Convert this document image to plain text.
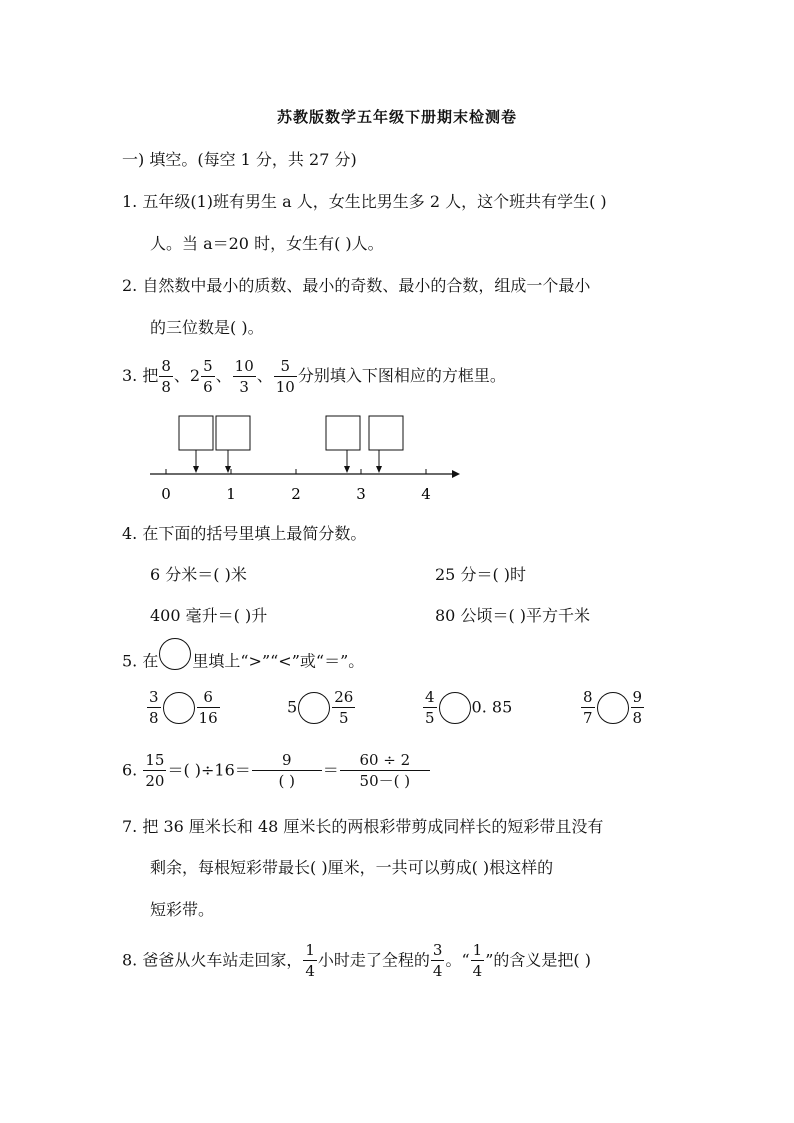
苏教版数学五年级下册期末检测卷
一) 填空。(每空 1 分，共 27 分)
1. 五年级(1)班有男生 a 人，女生比男生多 2 人，这个班共有学生( )
人。当 a＝20 时，女生有( )人。
2. 自然数中最小的质数、最小的奇数、最小的合数，组成一个最小
的三位数是( )。
3. 把 $\frac{8}{8}$ 、$2 \frac{5}{6}$ 、 $\frac{10}{3}$ 、 $\frac{5}{10}$ 分别填入下图相应的方框里。
0	1	2	3	4
4. 在下面的括号里填上最简分数。
6 分米＝( )米	25 分＝( )时
400 毫升＝( )升	80 公顷＝( )平方千米
5. 在 里填上“>”“<”或“＝”。
$\frac{3}{8} \frac{6}{16}$	$5 \frac{26}{5}$	$\frac{4}{5} 0$. 85	$\frac{8}{7} \frac{9}{8}$
6. $\frac{15}{20}$ ＝( )$\div 16= \frac{9}{( )} = \frac{60 \div 2}{50-( )}$
7. 把 36 厘米长和 48 厘米长的两根彩带剪成同样长的短彩带且没有
剩余，每根短彩带最长( )厘米，一共可以剪成( )根这样的
短彩带。
8. 爸爸从火车站走回家， $\frac{1}{4}$ 小时走了全程的 $\frac{3}{4}$ 。“ $\frac{1}{4}$ ”的含义是把( )
